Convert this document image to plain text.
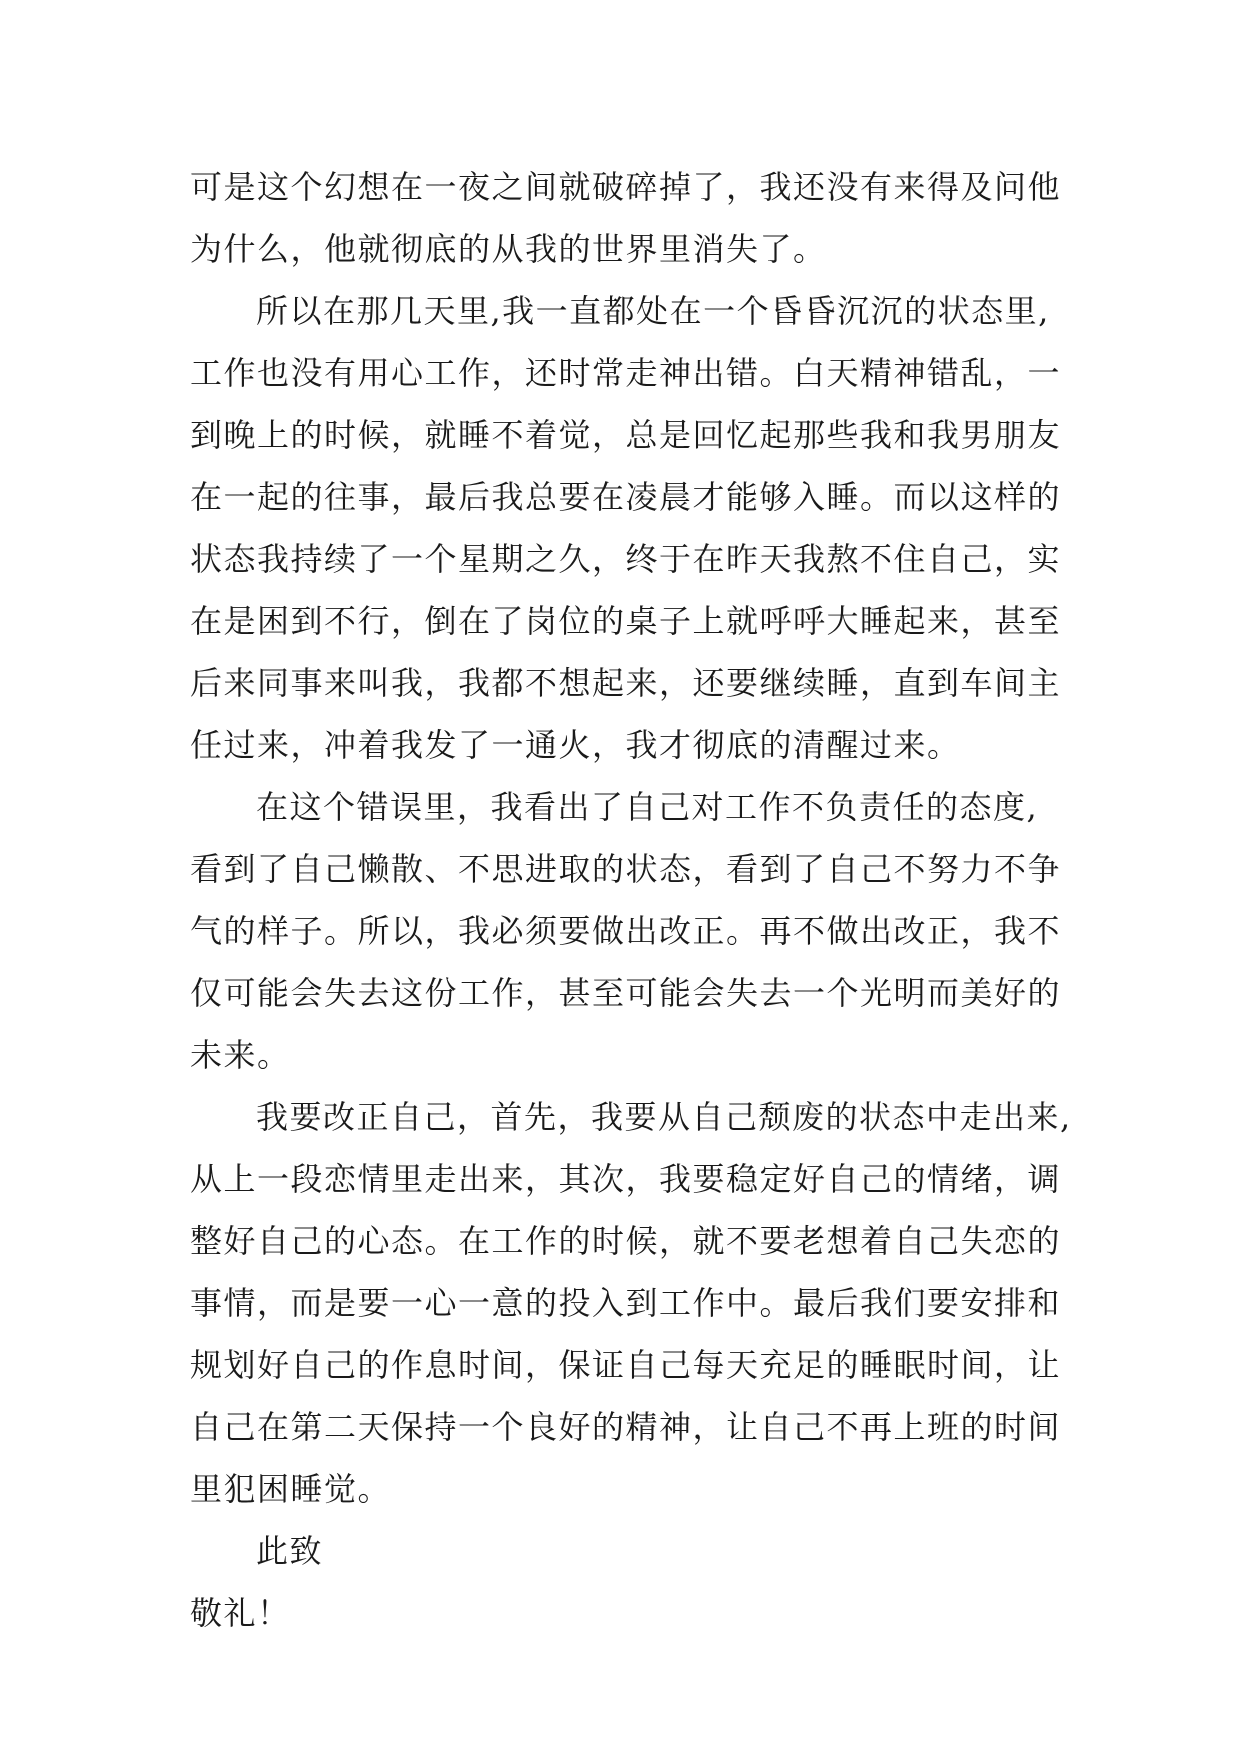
可是这个幻想在一夜之间就破碎掉了，我还没有来得及问他
为什么，他就彻底的从我的世界里消失了。
所以在那几天里,我一直都处在一个昏昏沉沉的状态里,
工作也没有用心工作，还时常走神出错。白天精神错乱，一
到晚上的时候，就睡不着觉，总是回忆起那些我和我男朋友
在一起的往事，最后我总要在凌晨才能够入睡。而以这样的
状态我持续了一个星期之久，终于在昨天我熬不住自己，实
在是困到不行，倒在了岗位的桌子上就呼呼大睡起来，甚至
后来同事来叫我，我都不想起来，还要继续睡，直到车间主
任过来，冲着我发了一通火，我才彻底的清醒过来。
在这个错误里，我看出了自己对工作不负责任的态度,
看到了自己懒散、不思进取的状态，看到了自己不努力不争
气的样子。所以，我必须要做出改正。再不做出改正，我不
仅可能会失去这份工作，甚至可能会失去一个光明而美好的
未来。
我要改正自己，首先，我要从自己颓废的状态中走出来,
从上一段恋情里走出来，其次，我要稳定好自己的情绪，调
整好自己的心态。在工作的时候，就不要老想着自己失恋的
事情，而是要一心一意的投入到工作中。最后我们要安排和
规划好自己的作息时间，保证自己每天充足的睡眠时间，让
自己在第二天保持一个良好的精神，让自己不再上班的时间
里犯困睡觉。
此致
敬礼！
